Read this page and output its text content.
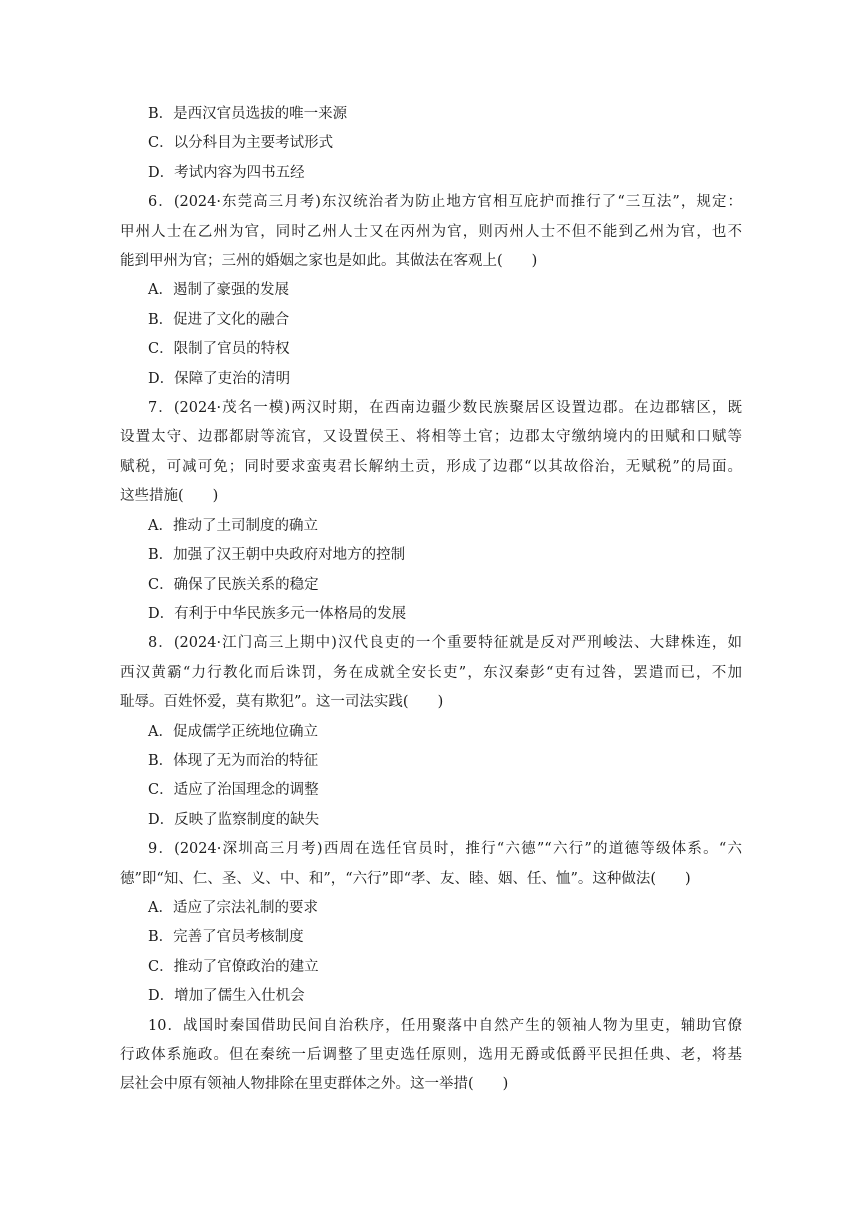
B．是西汉官员选拔的唯一来源
C．以分科目为主要考试形式
D．考试内容为四书五经
6．(2024·东莞高三月考)东汉统治者为防止地方官相互庇护而推行了“三互法”，规定：
甲州人士在乙州为官，同时乙州人士又在丙州为官，则丙州人士不但不能到乙州为官，也不
能到甲州为官；三州的婚姻之家也是如此。其做法在客观上(　　)
A．遏制了豪强的发展
B．促进了文化的融合
C．限制了官员的特权
D．保障了吏治的清明
7．(2024·茂名一模)两汉时期，在西南边疆少数民族聚居区设置边郡。在边郡辖区，既
设置太守、边郡都尉等流官，又设置侯王、将相等土官；边郡太守缴纳境内的田赋和口赋等
赋税，可减可免；同时要求蛮夷君长解纳土贡，形成了边郡“以其故俗治，无赋税”的局面。
这些措施(　　)
A．推动了土司制度的确立
B．加强了汉王朝中央政府对地方的控制
C．确保了民族关系的稳定
D．有利于中华民族多元一体格局的发展
8．(2024·江门高三上期中)汉代良吏的一个重要特征就是反对严刑峻法、大肆株连，如
西汉黄霸“力行教化而后诛罚，务在成就全安长吏”，东汉秦彭“吏有过咎，罢遣而已，不加
耻辱。百姓怀爱，莫有欺犯”。这一司法实践(　　)
A．促成儒学正统地位确立
B．体现了无为而治的特征
C．适应了治国理念的调整
D．反映了监察制度的缺失
9．(2024·深圳高三月考)西周在选任官员时，推行“六德”“六行”的道德等级体系。“六
德”即“知、仁、圣、义、中、和”，“六行”即“孝、友、睦、姻、任、恤”。这种做法(　　)
A．适应了宗法礼制的要求
B．完善了官员考核制度
C．推动了官僚政治的建立
D．增加了儒生入仕机会
10．战国时秦国借助民间自治秩序，任用聚落中自然产生的领袖人物为里吏，辅助官僚
行政体系施政。但在秦统一后调整了里吏选任原则，选用无爵或低爵平民担任典、老，将基
层社会中原有领袖人物排除在里吏群体之外。这一举措(　　)
